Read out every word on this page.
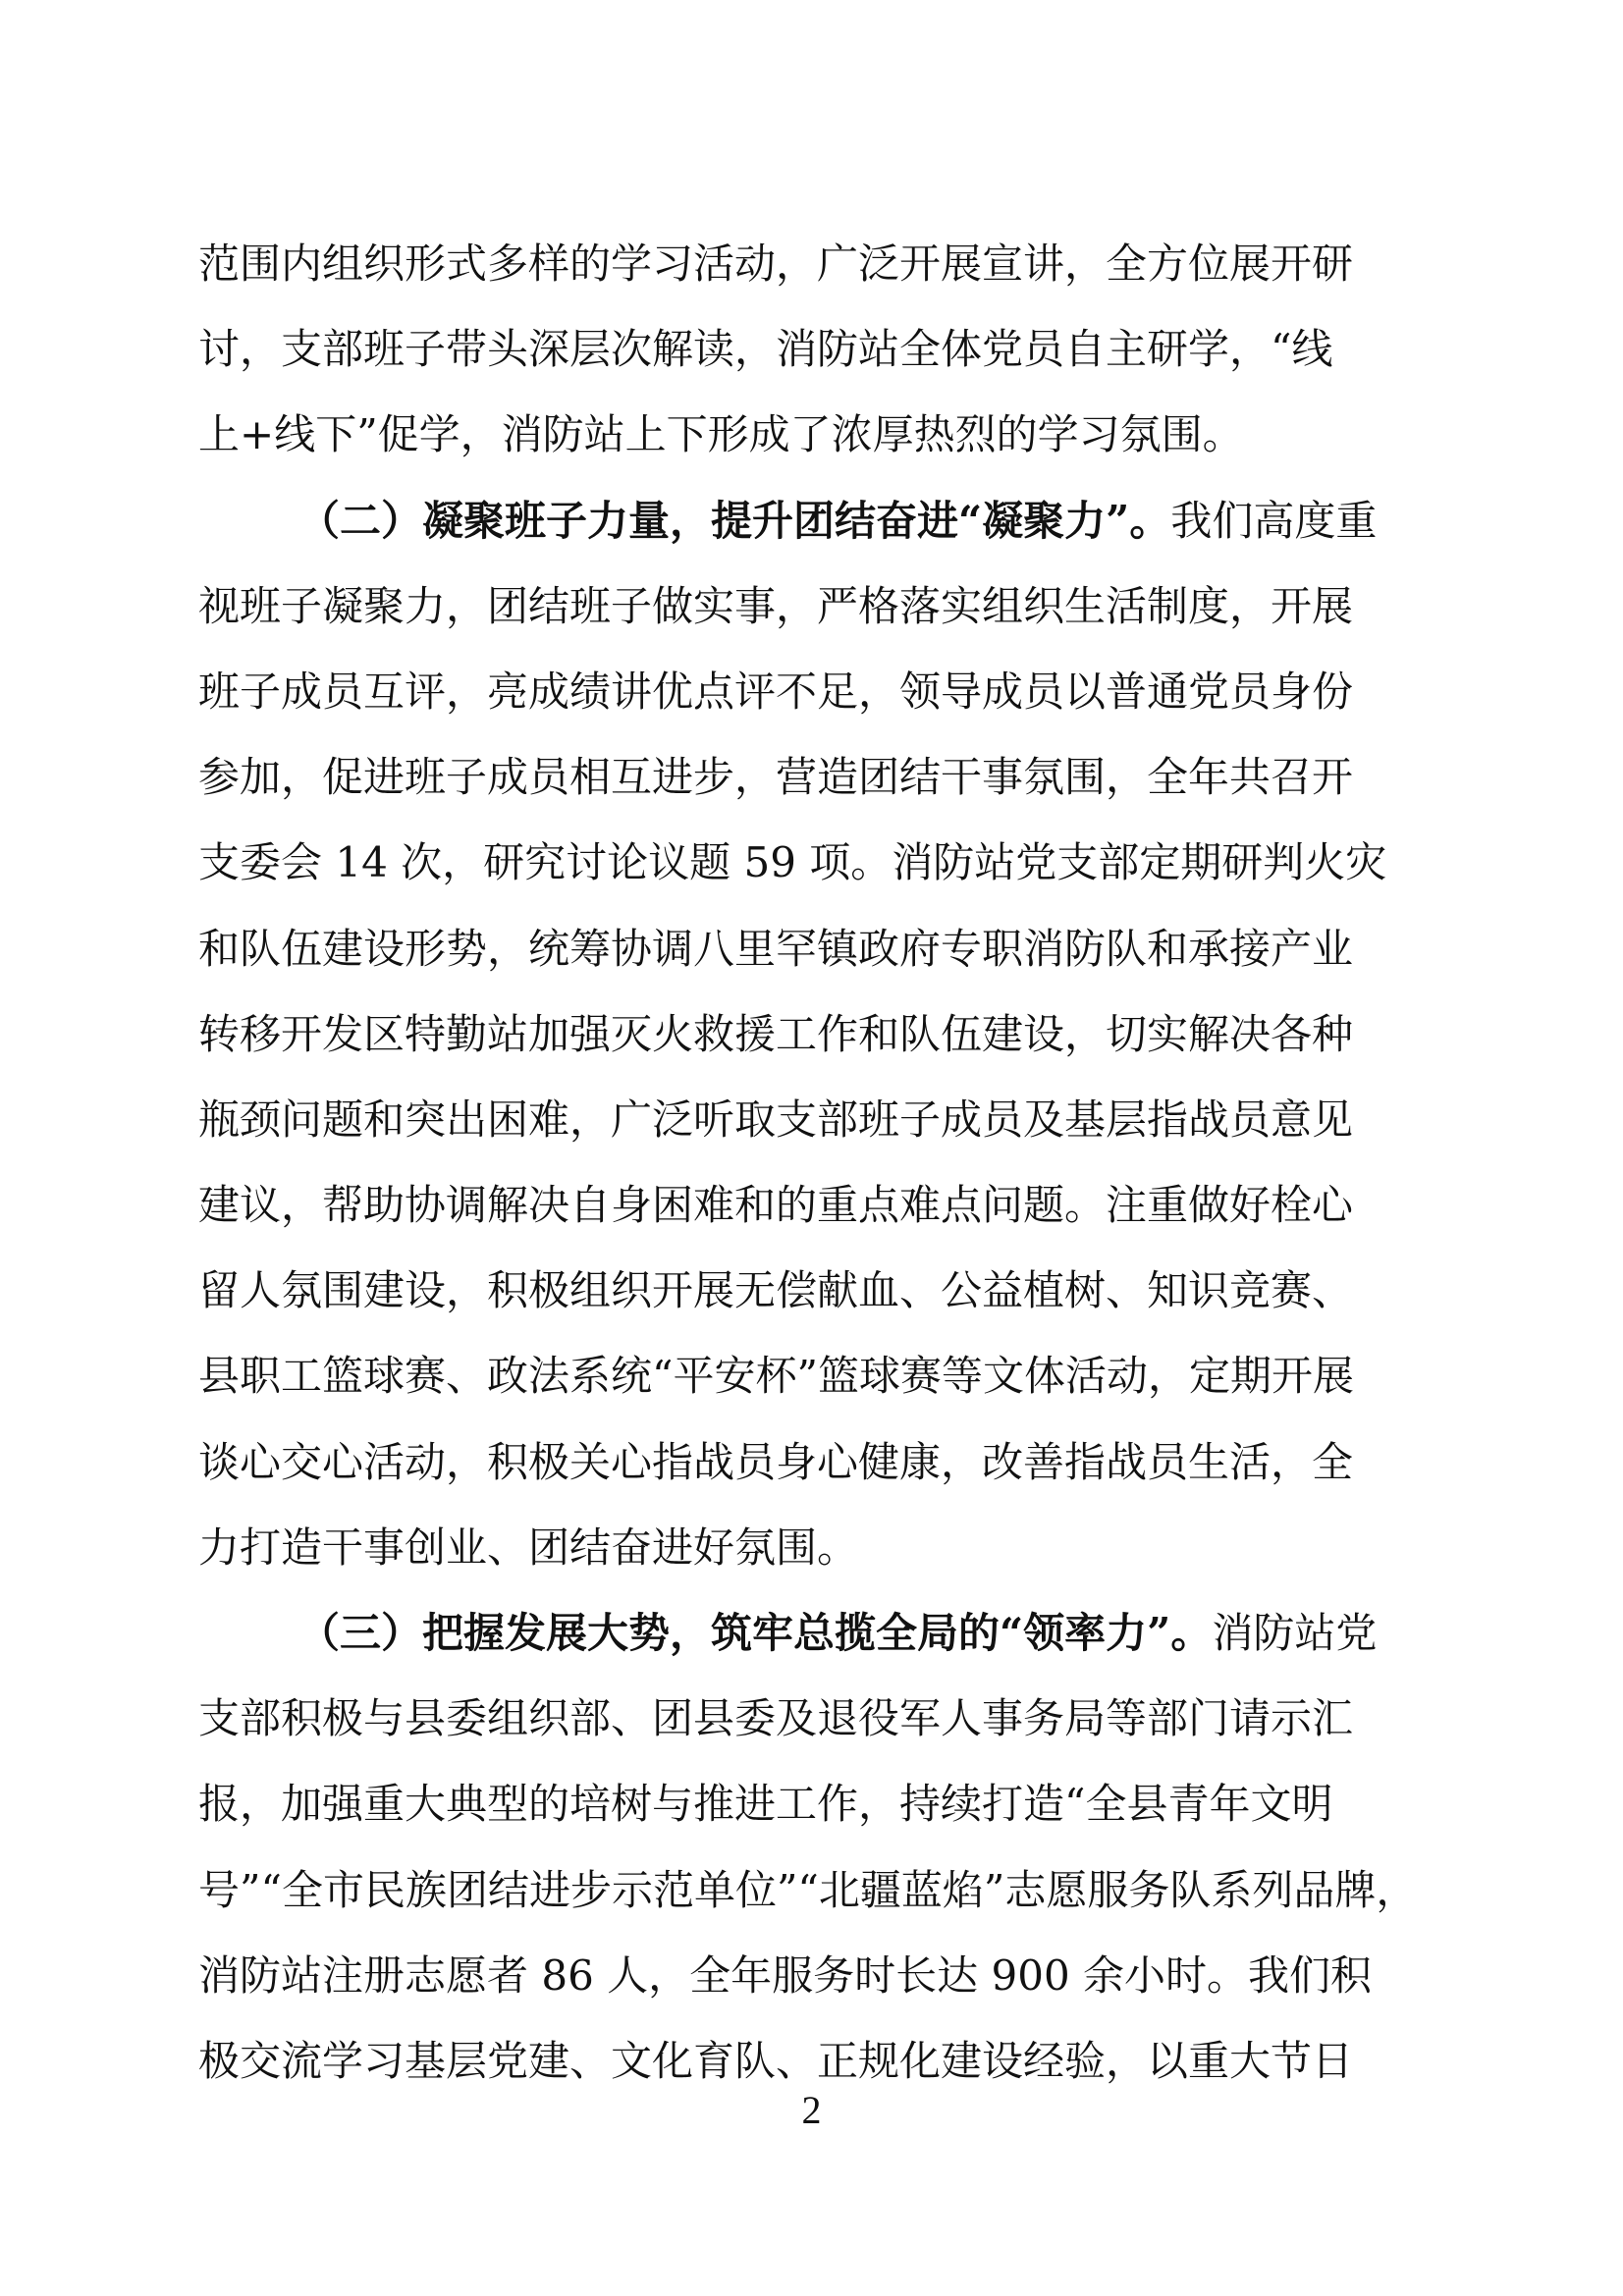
范围内组织形式多样的学习活动，广泛开展宣讲，全方位展开研
讨，支部班子带头深层次解读，消防站全体党员自主研学，“线
上+线下”促学，消防站上下形成了浓厚热烈的学习氛围。
（二）凝聚班子力量，提升团结奋进“凝聚力”。我们高度重
视班子凝聚力，团结班子做实事，严格落实组织生活制度，开展
班子成员互评，亮成绩讲优点评不足，领导成员以普通党员身份
参加，促进班子成员相互进步，营造团结干事氛围，全年共召开
支委会 14 次，研究讨论议题 59 项。消防站党支部定期研判火灾
和队伍建设形势，统筹协调八里罕镇政府专职消防队和承接产业
转移开发区特勤站加强灭火救援工作和队伍建设，切实解决各种
瓶颈问题和突出困难，广泛听取支部班子成员及基层指战员意见
建议，帮助协调解决自身困难和的重点难点问题。注重做好栓心
留人氛围建设，积极组织开展无偿献血、公益植树、知识竞赛、
县职工篮球赛、政法系统“平安杯”篮球赛等文体活动，定期开展
谈心交心活动，积极关心指战员身心健康，改善指战员生活，全
力打造干事创业、团结奋进好氛围。
（三）把握发展大势，筑牢总揽全局的“领率力”。消防站党
支部积极与县委组织部、团县委及退役军人事务局等部门请示汇
报，加强重大典型的培树与推进工作，持续打造“全县青年文明
号”“全市民族团结进步示范单位”“北疆蓝焰”志愿服务队系列品牌，
消防站注册志愿者 86 人，全年服务时长达 900 余小时。我们积
极交流学习基层党建、文化育队、正规化建设经验，以重大节日
2
